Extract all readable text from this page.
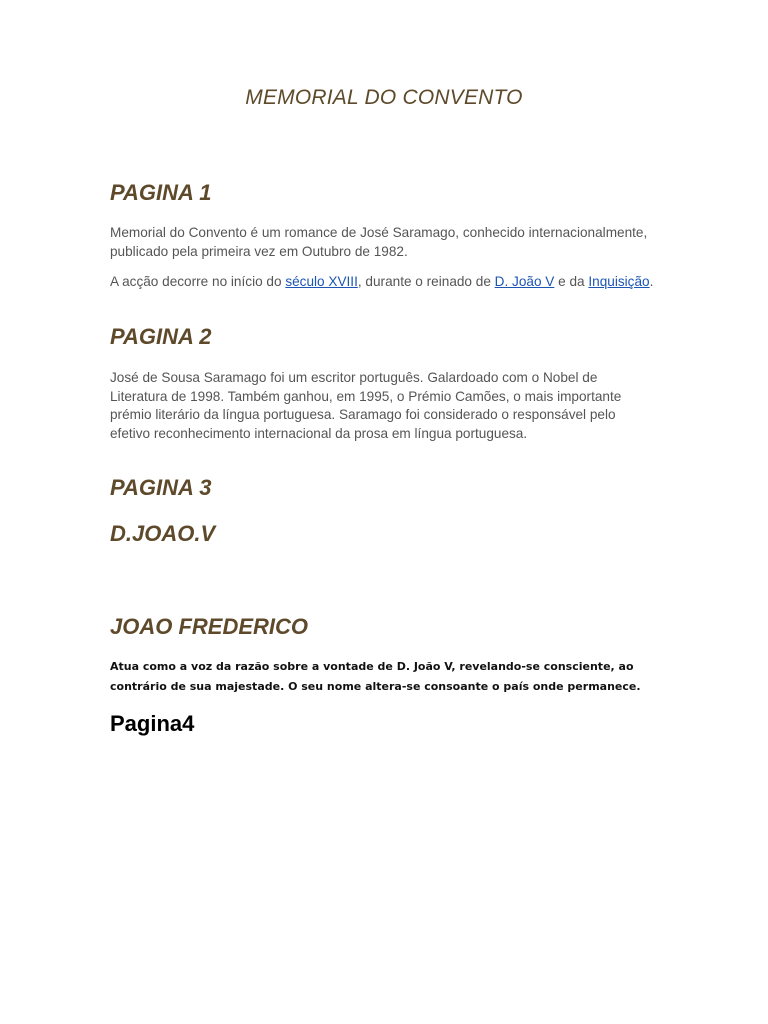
MEMORIAL DO CONVENTO
PAGINA 1

Memorial do Convento é um romance de José Saramago, conhecido internacionalmente, publicado pela primeira vez em Outubro de 1982.

A acção decorre no início do século XVIII, durante o reinado de D. João V e da Inquisição.

PAGINA 2

José de Sousa Saramago foi um escritor português. Galardoado com o Nobel de Literatura de 1998. Também ganhou, em 1995, o Prémio Camões, o mais importante prémio literário da língua portuguesa. Saramago foi considerado o responsável pelo efetivo reconhecimento internacional da prosa em língua portuguesa.

PAGINA 3
D.JOAO.V
JOAO FREDERICO

Atua como a voz da razão sobre a vontade de D. João V, revelando-se consciente, ao contrário de sua majestade. O seu nome altera-se consoante o país onde permanece.

Pagina4
